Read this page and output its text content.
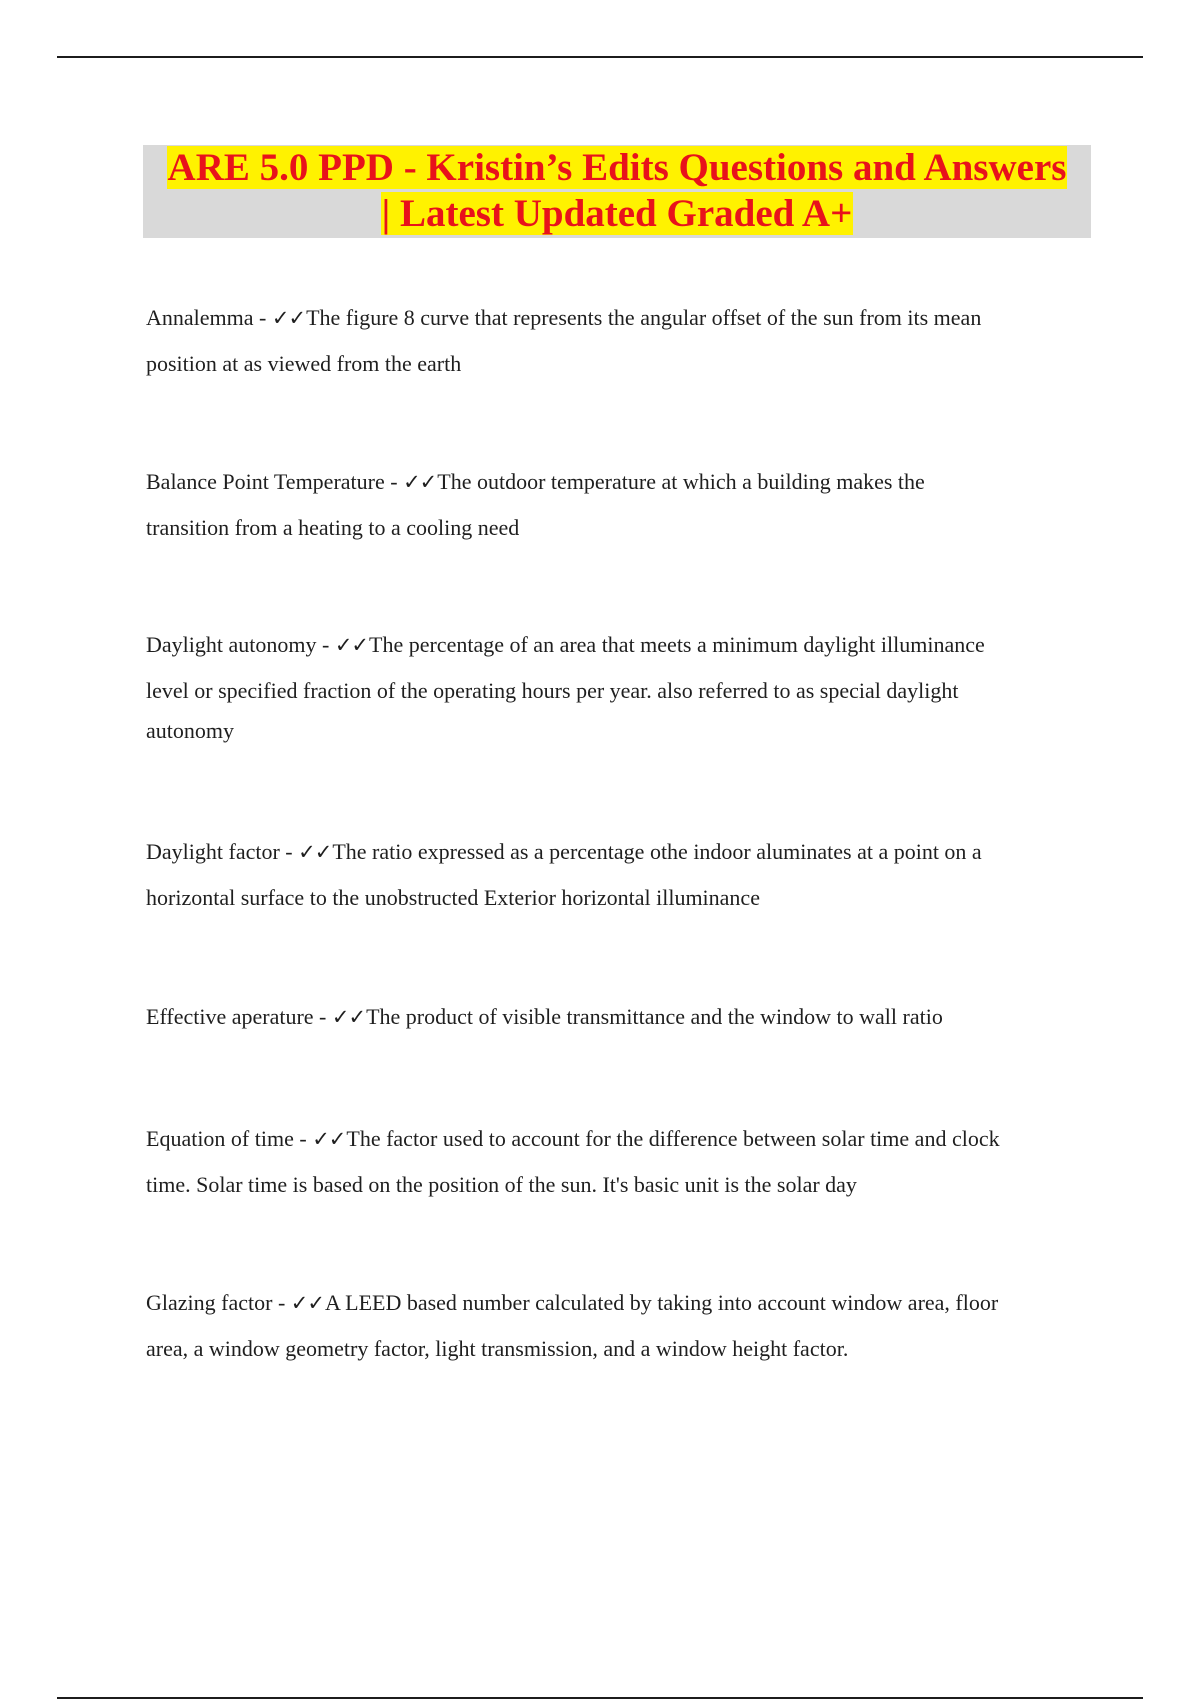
ARE 5.0 PPD - Kristin’s Edits Questions and Answers
| Latest Updated Graded A+
Annalemma - ✓✓The figure 8 curve that represents the angular offset of the sun from its mean
position at as viewed from the earth
Balance Point Temperature - ✓✓The outdoor temperature at which a building makes the
transition from a heating to a cooling need
Daylight autonomy - ✓✓The percentage of an area that meets a minimum daylight illuminance
level or specified fraction of the operating hours per year. also referred to as special daylight
autonomy
Daylight factor - ✓✓The ratio expressed as a percentage othe indoor aluminates at a point on a
horizontal surface to the unobstructed Exterior horizontal illuminance
Effective aperature - ✓✓The product of visible transmittance and the window to wall ratio
Equation of time - ✓✓The factor used to account for the difference between solar time and clock
time. Solar time is based on the position of the sun. It's basic unit is the solar day
Glazing factor - ✓✓A LEED based number calculated by taking into account window area, floor
area, a window geometry factor, light transmission, and a window height factor.
